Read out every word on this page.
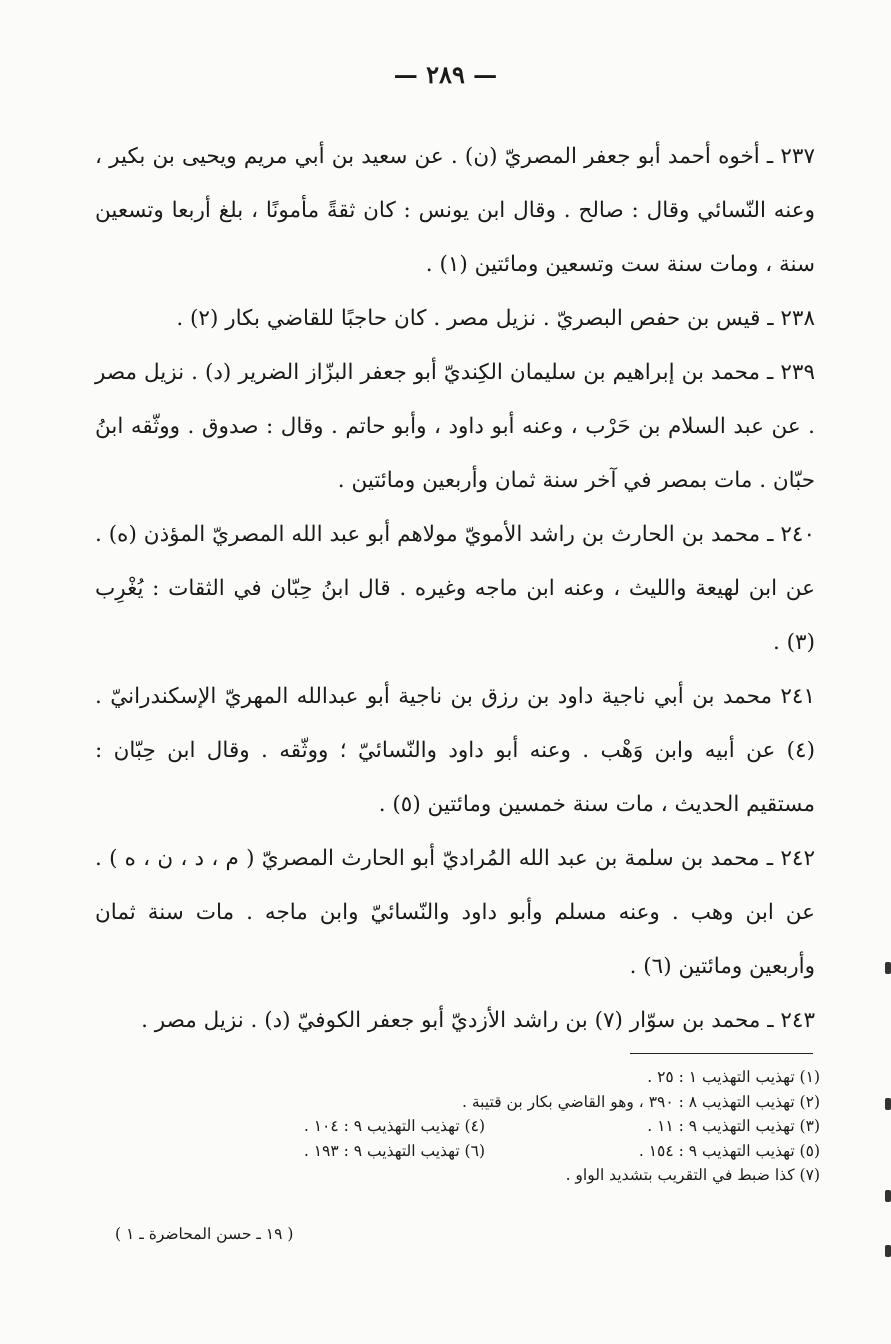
— ٢٨٩ —

٢٣٧ ـ أخوه أحمد أبو جعفر المصريّ (ن) . عن سعيد بن أبي مريم ويحيى بن بكير ، وعنه النّسائي وقال : صالح . وقال ابن يونس : كان ثقةً مأمونًا ، بلغ أربعا وتسعين سنة ، ومات سنة ست وتسعين ومائتين (١) .

٢٣٨ ـ قيس بن حفص البصريّ . نزيل مصر . كان حاجبًا للقاضي بكار (٢) .

٢٣٩ ـ محمد بن إبراهيم بن سليمان الكِنديّ أبو جعفر البزّاز الضرير (د) . نزيل مصر . عن عبد السلام بن حَرْب ، وعنه أبو داود ، وأبو حاتم . وقال : صدوق . ووثّقه ابنُ حبّان . مات بمصر في آخر سنة ثمان وأربعين ومائتين .

٢٤٠ ـ محمد بن الحارث بن راشد الأمويّ مولاهم أبو عبد الله المصريّ المؤذن (ه) . عن ابن لهيعة والليث ، وعنه ابن ماجه وغيره . قال ابنُ حِبّان في الثقات : يُغْرِب (٣) .

٢٤١ محمد بن أبي ناجية داود بن رزق بن ناجية أبو عبدالله المهريّ الإسكندرانيّ . (٤) عن أبيه وابن وَهْب . وعنه أبو داود والنّسائيّ ؛ ووثّقه . وقال ابن حِبّان : مستقيم الحديث ، مات سنة خمسين ومائتين (٥) .

٢٤٢ ـ محمد بن سلمة بن عبد الله المُراديّ أبو الحارث المصريّ ( م ، د ، ن ، ه ) . عن ابن وهب . وعنه مسلم وأبو داود والنّسائيّ وابن ماجه . مات سنة ثمان وأربعين ومائتين (٦) .

٢٤٣ ـ محمد بن سوّار (٧) بن راشد الأزديّ أبو جعفر الكوفيّ (د) . نزيل مصر .

(١) تهذيب التهذيب ١ : ٢٥ .
(٢) تهذيب التهذيب ٨ : ٣٩٠ ، وهو القاضي بكار بن قتيبة .
(٣) تهذيب التهذيب ٩ : ١١ .
(٤) تهذيب التهذيب ٩ : ١٠٤ .
(٥) تهذيب التهذيب ٩ : ١٥٤ .
(٦) تهذيب التهذيب ٩ : ١٩٣ .
(٧) كذا ضبط في التقريب بتشديد الواو .
( ١٩ ـ حسن المحاضرة ـ ١ )
